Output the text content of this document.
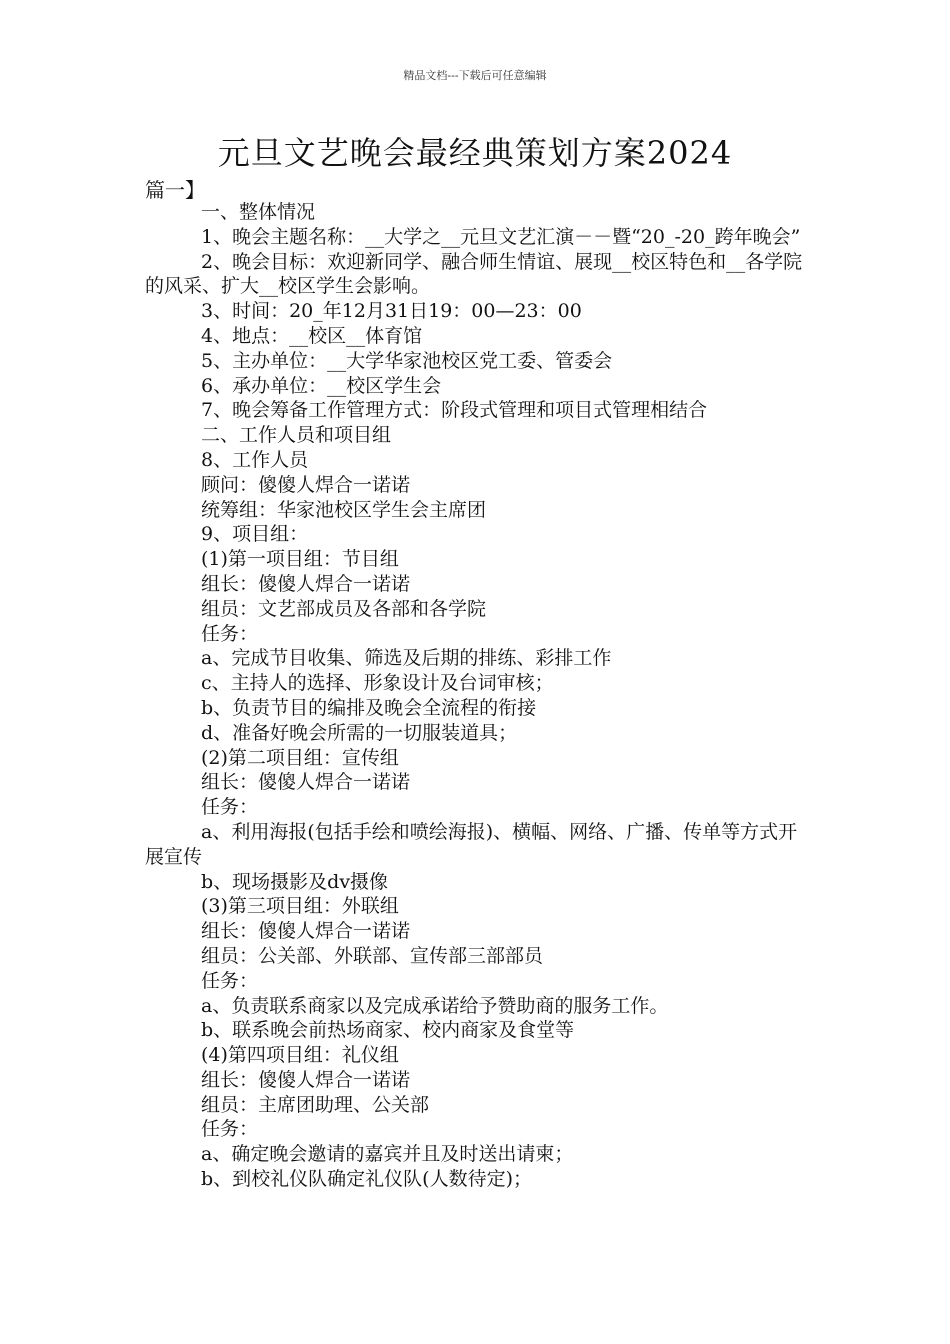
精品文档---下载后可任意编辑
元旦文艺晚会最经典策划方案2024
篇一】
一、整体情况
1、晚会主题名称：__大学之__元旦文艺汇演－－暨“20_-20_跨年晚会”
2、晚会目标：欢迎新同学、融合师生情谊、展现__校区特色和__各学院的风采、扩大__校区学生会影响。
3、时间：20_年12月31日19：00—23：00
4、地点：__校区__体育馆
5、主办单位：__大学华家池校区党工委、管委会
6、承办单位：__校区学生会
7、晚会筹备工作管理方式：阶段式管理和项目式管理相结合
二、工作人员和项目组
8、工作人员
顾问：傻傻人焊合一诺诺
统筹组：华家池校区学生会主席团
9、项目组：
(1)第一项目组：节目组
组长：傻傻人焊合一诺诺
组员：文艺部成员及各部和各学院
任务：
a、完成节目收集、筛选及后期的排练、彩排工作
c、主持人的选择、形象设计及台词审核；
b、负责节目的编排及晚会全流程的衔接
d、准备好晚会所需的一切服装道具；
(2)第二项目组：宣传组
组长：傻傻人焊合一诺诺
任务：
a、利用海报(包括手绘和喷绘海报)、横幅、网络、广播、传单等方式开展宣传
b、现场摄影及dv摄像
(3)第三项目组：外联组
组长：傻傻人焊合一诺诺
组员：公关部、外联部、宣传部三部部员
任务：
a、负责联系商家以及完成承诺给予赞助商的服务工作。
b、联系晚会前热场商家、校内商家及食堂等
(4)第四项目组：礼仪组
组长：傻傻人焊合一诺诺
组员：主席团助理、公关部
任务：
a、确定晚会邀请的嘉宾并且及时送出请柬；
b、到校礼仪队确定礼仪队(人数待定)；
